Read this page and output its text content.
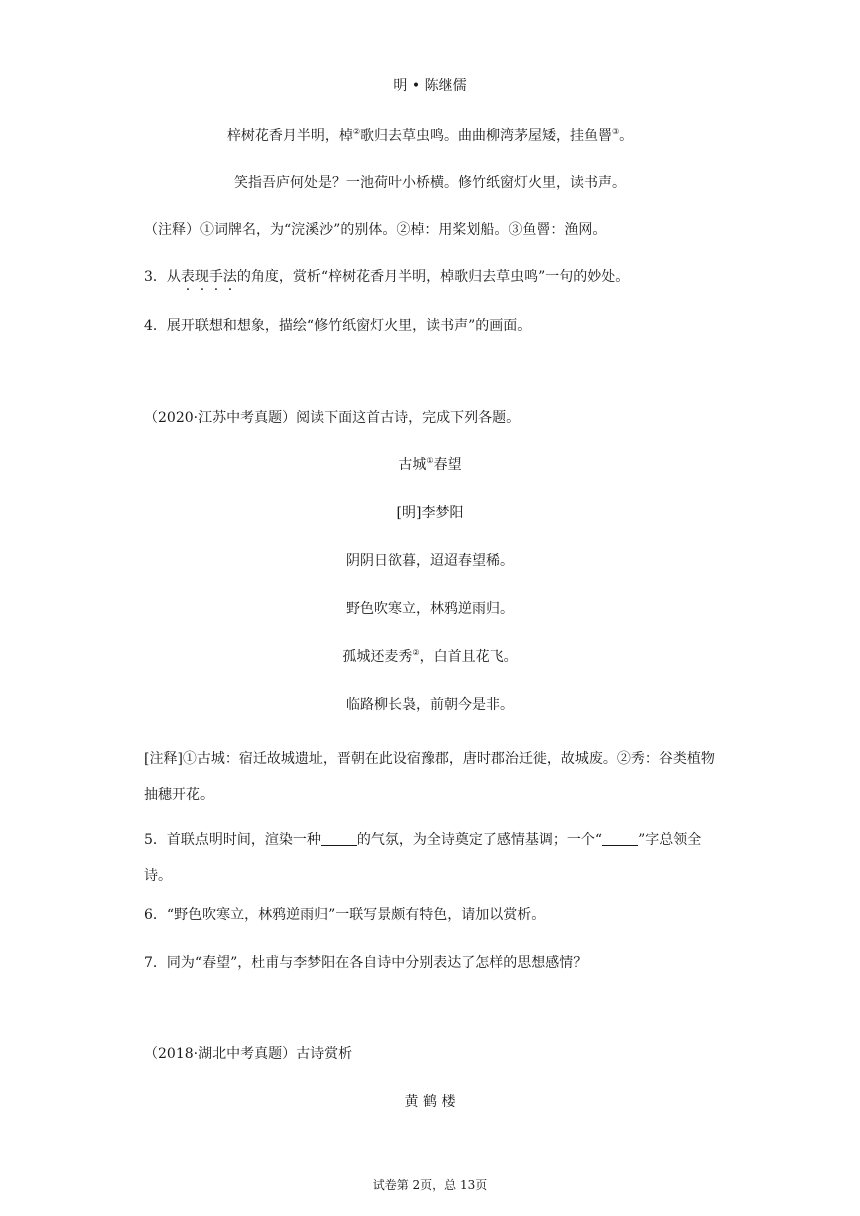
明 • 陈继儒
梓树花香月半明，棹②歌归去草虫鸣。曲曲柳湾茅屋矮，挂鱼罾③。
笑指吾庐何处是？一池荷叶小桥横。修竹纸窗灯火里，读书声。
（注释）①词牌名，为“浣溪沙”的别体。②棹：用桨划船。③鱼罾：渔网。
3．从表现手法的角度，赏析“梓树花香月半明，棹歌归去草虫鸣”一句的妙处。
4．展开联想和想象，描绘“修竹纸窗灯火里，读书声”的画面。
（2020·江苏中考真题）阅读下面这首古诗，完成下列各题。
古城①春望
[明]李梦阳
阴阴日欲暮，迢迢春望稀。
野色吹寒立，林鸦逆雨归。
孤城还麦秀②，白首且花飞。
临路柳长袅，前朝今是非。
[注释]①古城：宿迁故城遗址，晋朝在此设宿豫郡，唐时郡治迁徙，故城废。②秀：谷类植物抽穗开花。
5．首联点明时间，渲染一种	的气氛，为全诗奠定了感情基调；一个“	”字总领全诗。
6．“野色吹寒立，林鸦逆雨归”一联写景颇有特色，请加以赏析。
7．同为“春望”，杜甫与李梦阳在各自诗中分别表达了怎样的思想感情？
（2018·湖北中考真题）古诗赏析
黄 鹤 楼
试卷第 2页，总 13页
